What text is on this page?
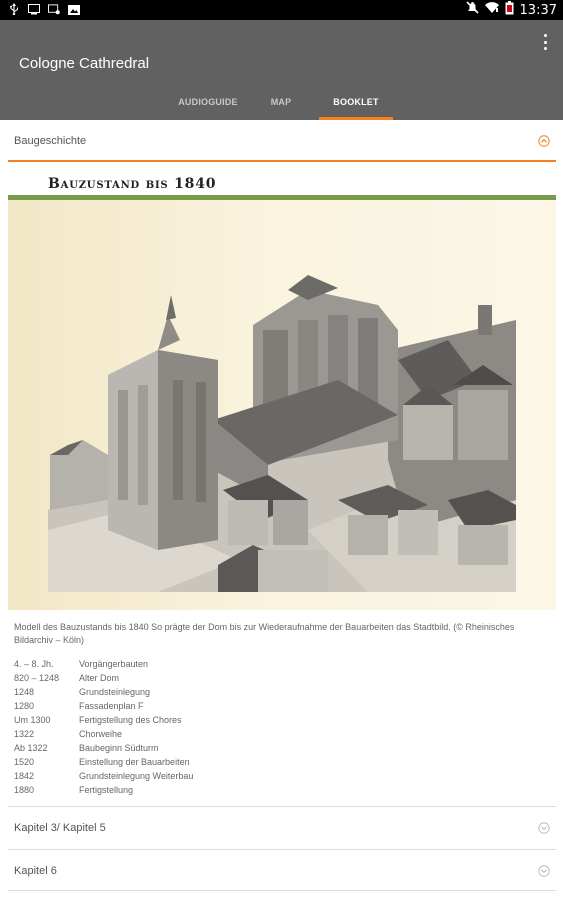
13:37
Cologne Cathredral
AUDIOGUIDE	MAP	BOOKLET
Baugeschichte
Bauzustand bis 1840
Modell des Bauzustands bis 1840 So prägte der Dom bis zur Wiederaufnahme der Bauarbeiten das Stadtbild. (© Rheinisches Bildarchiv – Köln)
4. – 8. Jh.	Vorgängerbauten
820 – 1248 Alter Dom
1248	Grundsteinlegung
1280	Fassadenplan F
Um 1300	Fertigstellung des Chores
1322	Chorweihe
Ab 1322	Baubeginn Südturm
1520	Einstellung der Bauarbeiten
1842	Grundsteinlegung Weiterbau
1880	Fertigstellung
Kapitel 3/ Kapitel 5
Kapitel 6
